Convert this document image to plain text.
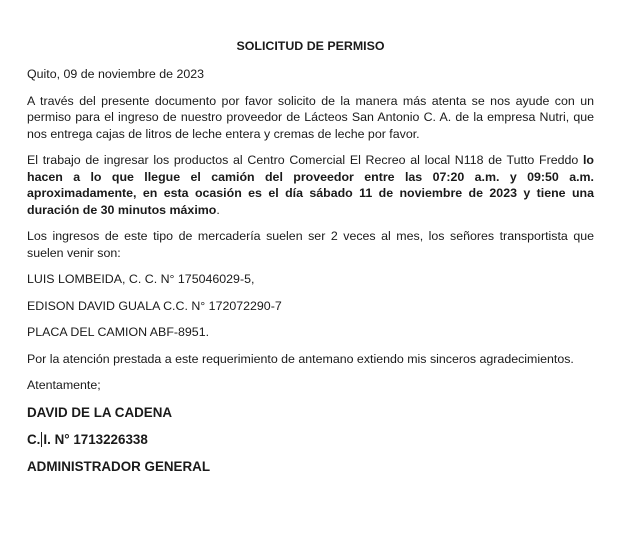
SOLICITUD DE PERMISO

Quito, 09 de noviembre de 2023

A través del presente documento por favor solicito de la manera más atenta se nos ayude con un permiso para el ingreso de nuestro proveedor de Lácteos San Antonio C. A. de la empresa Nutri, que nos entrega cajas de litros de leche entera y cremas de leche por favor.

El trabajo de ingresar los productos al Centro Comercial El Recreo al local N118 de Tutto Freddo lo hacen a lo que llegue el camión del proveedor entre las 07:20 a.m. y 09:50 a.m. aproximadamente, en esta ocasión es el día sábado 11 de noviembre de 2023 y tiene una duración de 30 minutos máximo.

Los ingresos de este tipo de mercadería suelen ser 2 veces al mes, los señores transportista que suelen venir son:

LUIS LOMBEIDA, C. C. N° 175046029-5,

EDISON DAVID GUALA C.C. N° 172072290-7

PLACA DEL CAMION ABF-8951.

Por la atención prestada a este requerimiento de antemano extiendo mis sinceros agradecimientos.

Atentamente;

DAVID DE LA CADENA
C. I. N° 1713226338
ADMINISTRADOR GENERAL
